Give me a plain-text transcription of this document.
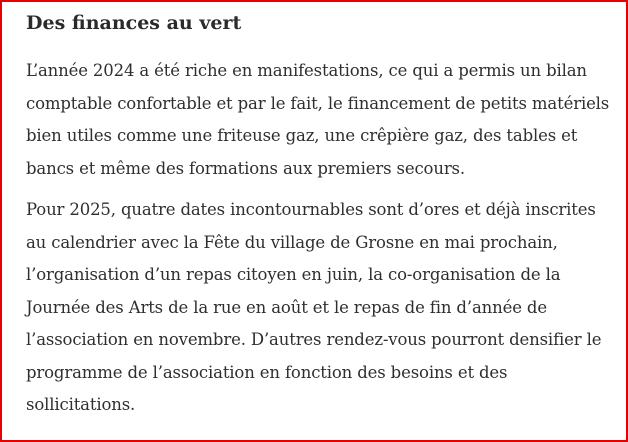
Des finances au vert

L’année 2024 a été riche en manifestations, ce qui a permis un bilan comptable confortable et par le fait, le financement de petits matériels bien utiles comme une friteuse gaz, une crêpière gaz, des tables et bancs et même des formations aux premiers secours.

Pour 2025, quatre dates incontournables sont d’ores et déjà inscrites au calendrier avec la Fête du village de Grosne en mai prochain, l’organisation d’un repas citoyen en juin, la co-organisation de la Journée des Arts de la rue en août et le repas de fin d’année de l’association en novembre. D’autres rendez-vous pourront densifier le programme de l’association en fonction des besoins et des sollicitations.
